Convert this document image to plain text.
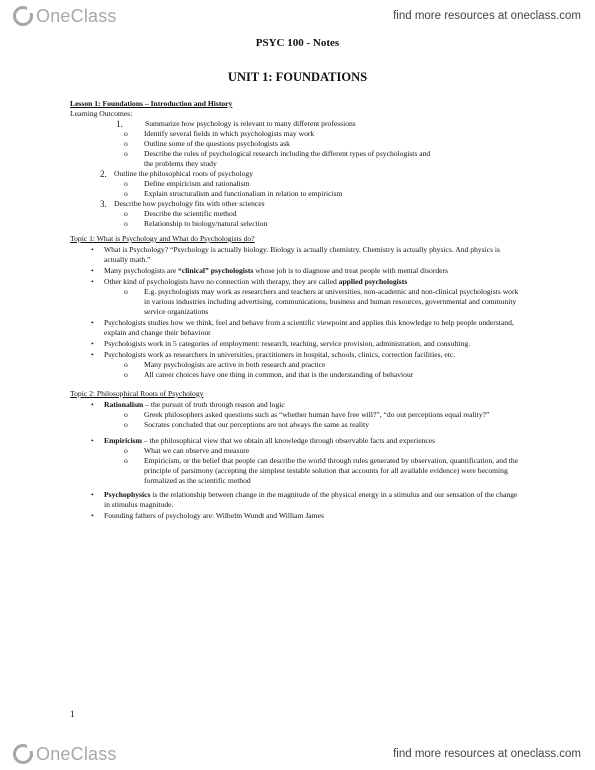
OneClass	find more resources at oneclass.com
PSYC 100 - Notes
UNIT 1: FOUNDATIONS
Lesson 1: Foundations – Introduction and History
Learning Outcomes:
1.	Summarize how psychology is relevant to many different professions
o Identify several fields in which psychologists may work
o Outline some of the questions psychologists ask
o Describe the roles of psychological research including the different types of psychologists and
the problems they study
2. Outline the philosophical roots of psychology
o Define empiricism and rationalism
o Explain structuralism and functionalism in relation to empiricism
3. Describe how psychology fits with other sciences
o Describe the scientific method
o Relationship to biology/natural selection
Topic 1: What is Psychology and What do Psychologists do?
• What is Psychology? “Psychology is actually biology. Biology is actually chemistry. Chemistry is actually physics. And physics is actually math.”
• Many psychologists are “clinical” psychologists whose job is to diagnose and treat people with mental disorders
• Other kind of psychologists have no connection with therapy, they are called applied psychologists
o E.g. psychologists may work as researchers and teachers at universities, non-academic and non-clinical psychologists work in various industries including advertising, communications, business and human resources, governmental and community service organizations
• Psychologists studies how we think, feel and behave from a scientific viewpoint and applies this knowledge to help people understand, explain and change their behaviour
• Psychologists work in 5 categories of employment: research, teaching, service provision, administration, and consulting.
• Psychologists work as researchers in universities, practitioners in hospital, schools, clinics, correction facilities, etc.
o Many psychologists are active in both research and practice
o All career choices have one thing in common, and that is the understanding of behaviour
Topic 2: Philosophical Roots of Psychology
• Rationalism – the pursuit of truth through reason and logic
o Greek philosophers asked questions such as “whether human have free will?”, “do out perceptions equal reality?”
o Socrates concluded that our perceptions are not always the same as reality
• Empiricism – the philosophical view that we obtain all knowledge through observable facts and experiences
o What we can observe and measure
o Empiricism, or the belief that people can describe the world through rules generated by observation, quantification, and the principle of parsimony (accepting the simplest testable solution that accounts for all available evidence) were becoming formalized as the scientific method
• Psychophysics is the relationship between change in the magnitude of the physical energy in a stimulus and our sensation of the change in stimulus magnitude.
• Founding fathers of psychology are: Wilhelm Wundt and William James
1
OneClass	find more resources at oneclass.com
